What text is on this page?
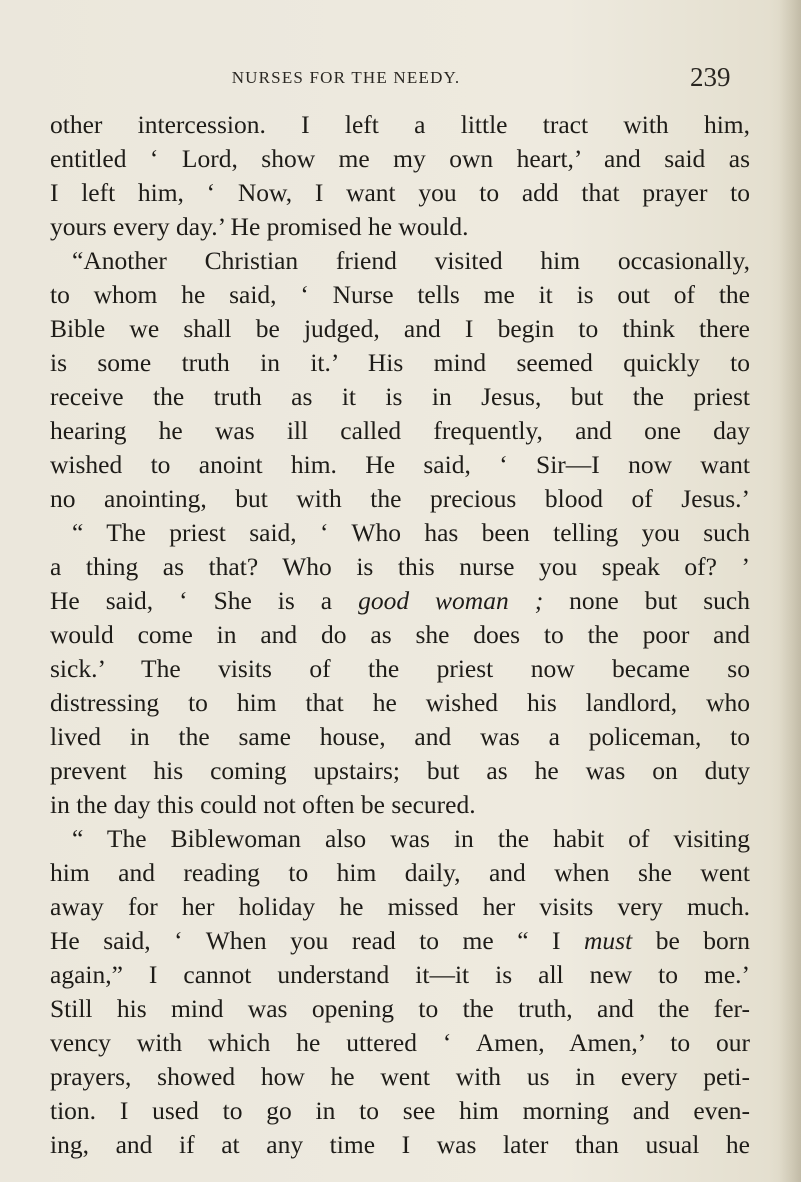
NURSES FOR THE NEEDY.	239
other intercession. I left a little tract with him,
entitled ‘ Lord, show me my own heart,’ and said as
I left him, ‘ Now, I want you to add that prayer to
yours every day.’ He promised he would.
“Another Christian friend visited him occasionally,
to whom he said, ‘ Nurse tells me it is out of the
Bible we shall be judged, and I begin to think there
is some truth in it.’ His mind seemed quickly to
receive the truth as it is in Jesus, but the priest
hearing he was ill called frequently, and one day
wished to anoint him. He said, ‘ Sir—I now want
no anointing, but with the precious blood of Jesus.’
“ The priest said, ‘ Who has been telling you such
a thing as that? Who is this nurse you speak of? ’
He said, ‘ She is a good woman ; none but such
would come in and do as she does to the poor and
sick.’ The visits of the priest now became so
distressing to him that he wished his landlord, who
lived in the same house, and was a policeman, to
prevent his coming upstairs; but as he was on duty
in the day this could not often be secured.
“ The Biblewoman also was in the habit of visiting
him and reading to him daily, and when she went
away for her holiday he missed her visits very much.
He said, ‘ When you read to me “ I must be born
again,” I cannot understand it—it is all new to me.’
Still his mind was opening to the truth, and the fer-
vency with which he uttered ‘ Amen, Amen,’ to our
prayers, showed how he went with us in every peti-
tion. I used to go in to see him morning and even-
ing, and if at any time I was later than usual he
